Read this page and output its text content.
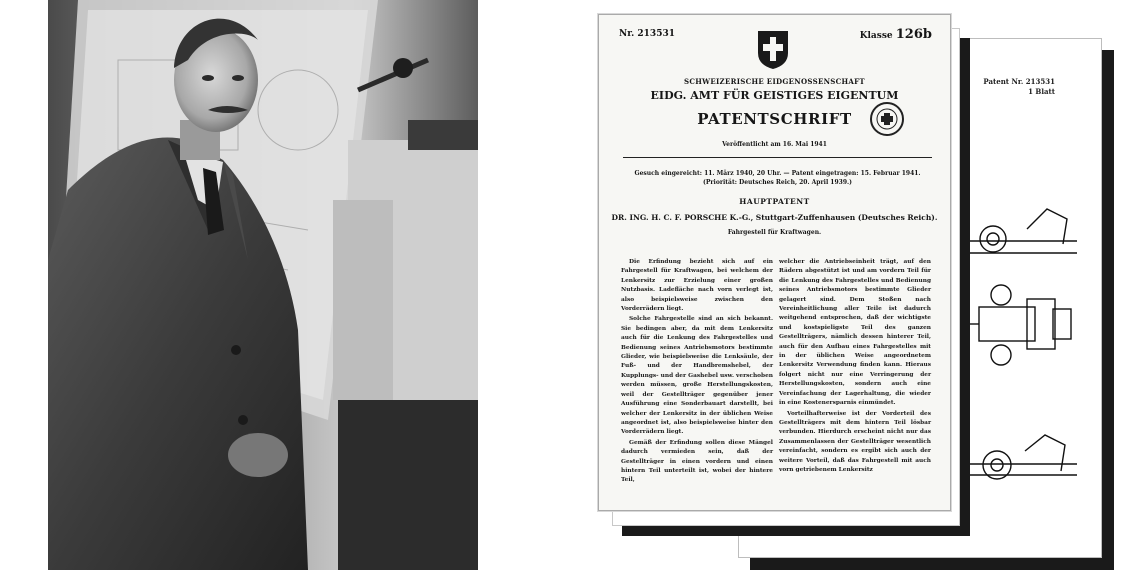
Patent Nr. 213531
1 Blatt
Nr. 213531	Klasse 126b
SCHWEIZERISCHE EIDGENOSSENSCHAFT
EIDG. AMT FÜR GEISTIGES EIGENTUM
PATENTSCHRIFT
Veröffentlicht am 16. Mai 1941
Gesuch eingereicht: 11. März 1940, 20 Uhr. — Patent eingetragen: 15. Februar 1941.
(Priorität: Deutsches Reich, 20. April 1939.)
HAUPTPATENT
DR. ING. H. C. F. PORSCHE K.-G., Stuttgart-Zuffenhausen (Deutsches Reich).
Fahrgestell für Kraftwagen.

Die Erfindung bezieht sich auf ein Fahrgestell für Kraftwagen, bei welchem der Lenkersitz zur Erzielung einer großen Nutzbasis. Ladefläche nach vorn verlegt ist, also beispielsweise zwischen den Vorderrädern liegt.

Solche Fahrgestelle sind an sich bekannt. Sie bedingen aber, da mit dem Lenkersitz auch für die Lenkung des Fahrgestelles und Bedienung seines Antriebsmotors bestimmte Glieder, wie beispielsweise die Lenksäule, der Fuß- und der Handbremshebel, der Kupplungs- und der Gashebel usw. verschoben werden müssen, große Herstellungskosten, weil der Gestellträger gegenüber jener Ausführung eine Sonderbauart darstellt, bei welcher der Lenkersitz in der üblichen Weise angeordnet ist, also beispielsweise hinter den Vorderrädern liegt.

Gemäß der Erfindung sollen diese Mängel dadurch vermieden sein, daß der Gestellträger in einen vordern und einen hintern Teil unterteilt ist, wobei der hintere Teil,

welcher die Antriebseinheit trägt, auf den Rädern abgestützt ist und am vordern Teil für die Lenkung des Fahrgestelles und Bedienung seines Antriebsmotors bestimmte Glieder gelagert sind. Dem Stoßen nach Vereinheitlichung aller Teile ist dadurch weitgehend entsprochen, daß der wichtigste und kostspieligste Teil des ganzen Gestellträgers, nämlich dessen hinterer Teil, auch für den Aufbau eines Fahrgestelles mit in der üblichen Weise angeordnetem Lenkersitz Verwendung finden kann. Hieraus folgert nicht nur eine Verringerung der Herstellungskosten, sondern auch eine Vereinfachung der Lagerhaltung, die wieder in eine Kostenersparnis einmündet.

Vorteilhafterweise ist der Vorderteil des Gestellträgers mit dem hintern Teil lösbar verbunden. Hierdurch erscheint nicht nur das Zusammenlassen der Gestellträger wesentlich vereinfacht, sondern es ergibt sich auch der weitere Vorteil, daß das Fahrgestell mit auch vorn getriebenem Lenkersitz
